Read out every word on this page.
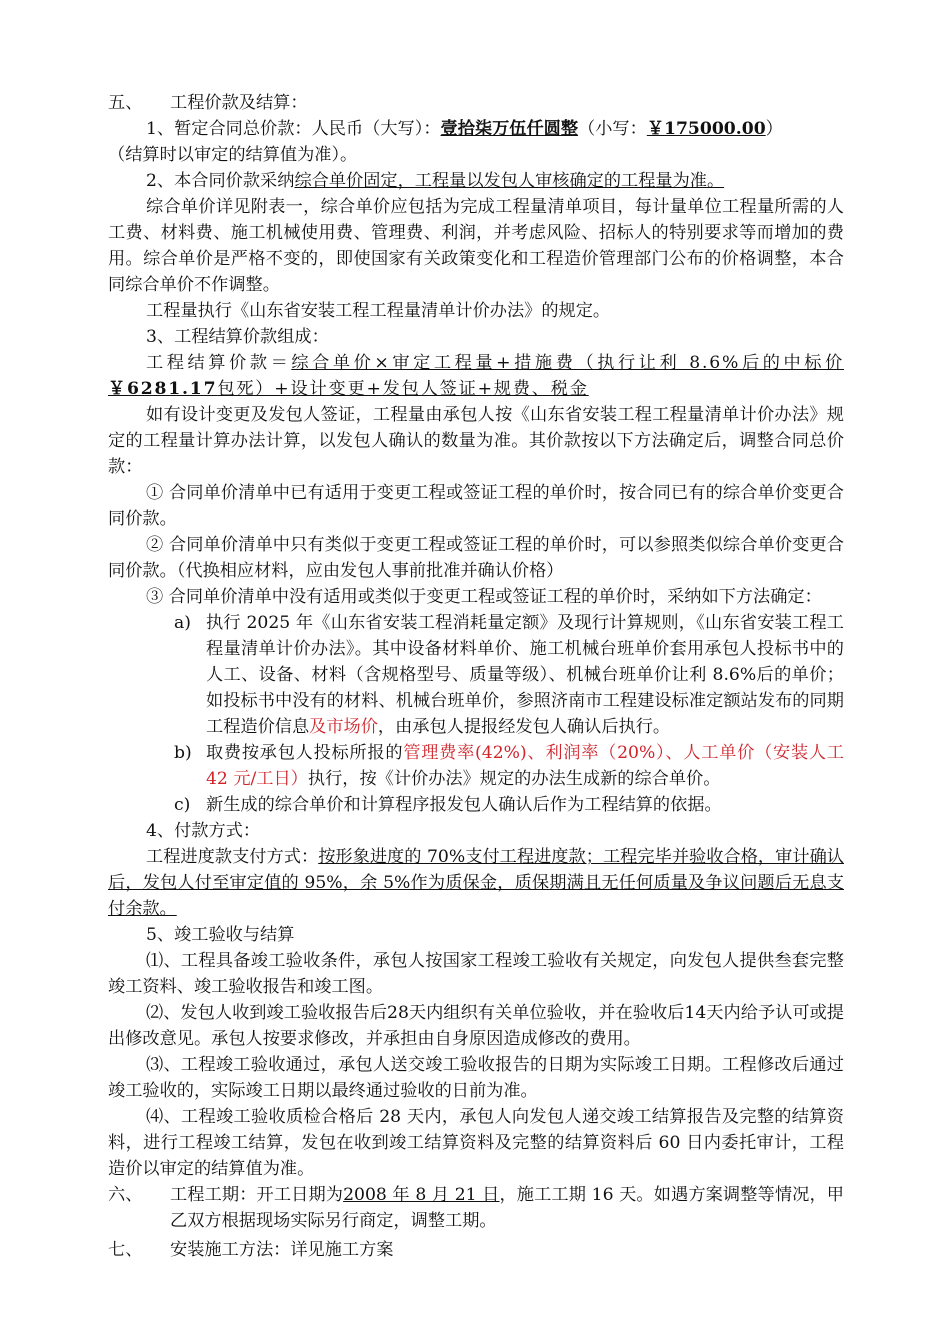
五、	工程价款及结算：

1、暂定合同总价款：人民币（大写）：壹拾柒万伍仟圆整（小写：￥175000.00）

（结算时以审定的结算值为准）。

2、本合同价款采纳综合单价固定，工程量以发包人审核确定的工程量为准。

综合单价详见附表一，综合单价应包括为完成工程量清单项目，每计量单位工程量所需的人工费、材料费、施工机械使用费、管理费、利润，并考虑风险、招标人的特别要求等而增加的费用。综合单价是严格不变的，即使国家有关政策变化和工程造价管理部门公布的价格调整，本合同综合单价不作调整。

工程量执行《山东省安装工程工程量清单计价办法》的规定。

3、工程结算价款组成：

工程结算价款＝综合单价×审定工程量+措施费（执行让利 8.6%后的中标价￥6281.17包死）+设计变更+发包人签证+规费、税金

如有设计变更及发包人签证，工程量由承包人按《山东省安装工程工程量清单计价办法》规定的工程量计算办法计算，以发包人确认的数量为准。其价款按以下方法确定后，调整合同总价款：

① 合同单价清单中已有适用于变更工程或签证工程的单价时，按合同已有的综合单价变更合同价款。

② 合同单价清单中只有类似于变更工程或签证工程的单价时，可以参照类似综合单价变更合同价款。（代换相应材料，应由发包人事前批准并确认价格）

③ 合同单价清单中没有适用或类似于变更工程或签证工程的单价时，采纳如下方法确定：

a) 执行 2025 年《山东省安装工程消耗量定额》及现行计算规则，《山东省安装工程工程量清单计价办法》。其中设备材料单价、施工机械台班单价套用承包人投标书中的人工、设备、材料（含规格型号、质量等级）、机械台班单价让利 8.6%后的单价；如投标书中没有的材料、机械台班单价，参照济南市工程建设标准定额站发布的同期工程造价信息及市场价，由承包人提报经发包人确认后执行。
b) 取费按承包人投标所报的管理费率(42%)、利润率（20%）、人工单价（安装人工 42 元/工日）执行，按《计价办法》规定的办法生成新的综合单价。
c) 新生成的综合单价和计算程序报发包人确认后作为工程结算的依据。

4、付款方式：

工程进度款支付方式：按形象进度的 70%支付工程进度款；工程完毕并验收合格，审计确认后，发包人付至审定值的 95%，余 5%作为质保金，质保期满且无任何质量及争议问题后无息支付余款。

5、竣工验收与结算

⑴、工程具备竣工验收条件，承包人按国家工程竣工验收有关规定，向发包人提供叁套完整竣工资料、竣工验收报告和竣工图。

⑵、发包人收到竣工验收报告后28天内组织有关单位验收，并在验收后14天内给予认可或提出修改意见。承包人按要求修改，并承担由自身原因造成修改的费用。

⑶、工程竣工验收通过，承包人送交竣工验收报告的日期为实际竣工日期。工程修改后通过竣工验收的，实际竣工日期以最终通过验收的日前为准。

⑷、工程竣工验收质检合格后 28 天内，承包人向发包人递交竣工结算报告及完整的结算资料，进行工程竣工结算，发包在收到竣工结算资料及完整的结算资料后 60 日内委托审计，工程造价以审定的结算值为准。

六、	工程工期：开工日期为2008 年 8 月 21 日，施工工期 16 天。如遇方案调整等情况，甲乙双方根据现场实际另行商定，调整工期。
七、	安装施工方法：详见施工方案
